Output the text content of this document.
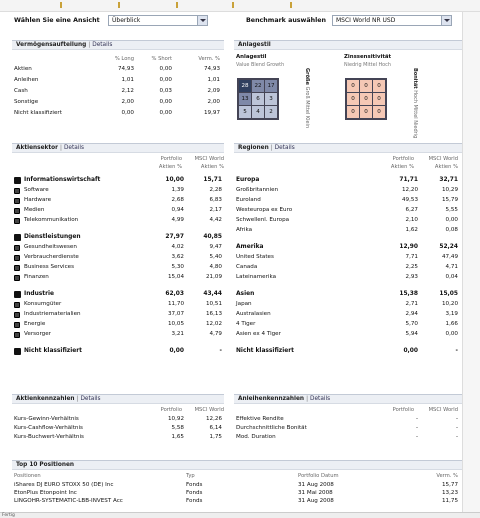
Wählen Sie eine Ansicht	Überblick	Benchmark auswählen	MSCI World NR USD
Vermögensaufteilung | Details
% Long	% Short	Verm. %
Aktien	74,93	0,00	74,93
Anleihen	1,01	0,00	1,01
Cash	2,12	0,03	2,09
Sonstige	2,00	0,00	2,00
Nicht klassifiziert	0,00	0,00	19,97
Anlagestil
Anlagestil
Value Blend Growth
28	22	17
13	6	3
5	4	2
Größe Groß Mittel Klein
Zinssensitivität
Niedrig Mittel Hoch
0	0	0
0	0	0
0	0	0
Bonität Hoch Mittel Niedrig
Aktiensektor | Details
Portfolio	MSCI World
Aktien %	Aktien %
Informationswirtschaft	10,00	15,71
Software	1,39	2,28
Hardware	2,68	6,83
Medien	0,94	2,17
Telekommunikation	4,99	4,42
Dienstleistungen	27,97	40,85
Gesundheitswesen	4,02	9,47
Verbraucherdienste	3,62	5,40
Business Services	5,30	4,80
Finanzen	15,04	21,09
Industrie	62,03	43,44
Konsumgüter	11,70	10,51
Industriematerialien	37,07	16,13
Energie	10,05	12,02
Versorger	3,21	4,79
Nicht klassifiziert	0,00	-
Regionen | Details
Portfolio	MSCI World
Aktien %	Aktien %
Europa	71,71	32,71
Großbritannien	12,20	10,29
Euroland	49,53	15,79
Westeuropa ex Euro	6,27	5,55
Schwellenl. Europa	2,10	0,00
Afrika	1,62	0,08
Amerika	12,90	52,24
United States	7,71	47,49
Canada	2,25	4,71
Lateinamerika	2,93	0,04
Asien	15,38	15,05
Japan	2,71	10,20
Australasien	2,94	3,19
4 Tiger	5,70	1,66
Asien ex 4 Tiger	5,94	0,00
Nicht klassifiziert	0,00	-
Aktienkennzahlen | Details
Portfolio	MSCI World
Kurs-Gewinn-Verhältnis	10,92	12,26
Kurs-Cashflow-Verhältnis	5,58	6,14
Kurs-Buchwert-Verhältnis	1,65	1,75
Anleihenkennzahlen | Details
Portfolio	MSCI World
Effektive Rendite	-	-
Durchschnittliche Bonität	-	-
Mod. Duration	-	-
Top 10 Positionen
Positionen	Typ	Portfolio Datum	Verm. %
iShares DJ EURO STOXX 50 (DE) Inc	Fonds	31 Aug 2008	15,77
EtonPlus Etonpoint Inc	Fonds	31 Mai 2008	13,23
LINGOHR-SYSTEMATIC-LBB-INVEST Acc	Fonds	31 Aug 2008	11,75
Fertig
